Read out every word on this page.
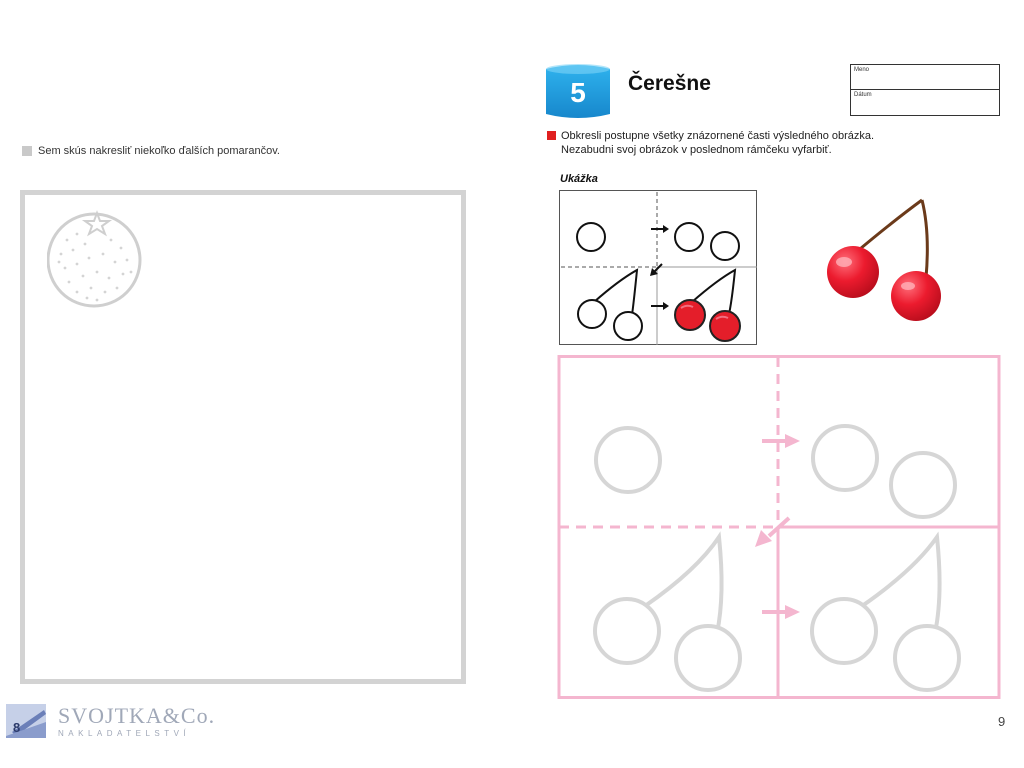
Sem skús nakresliť niekoľko ďalších pomarančov.
8 SVOJTKA&Co.
NAKLADATELSTVÍ
5 Čerešne
Meno
Dátum
Obkresli postupne všetky znázornené časti výsledného obrázka.
Nezabudni svoj obrázok v poslednom rámčeku vyfarbiť.
Ukážka
9
